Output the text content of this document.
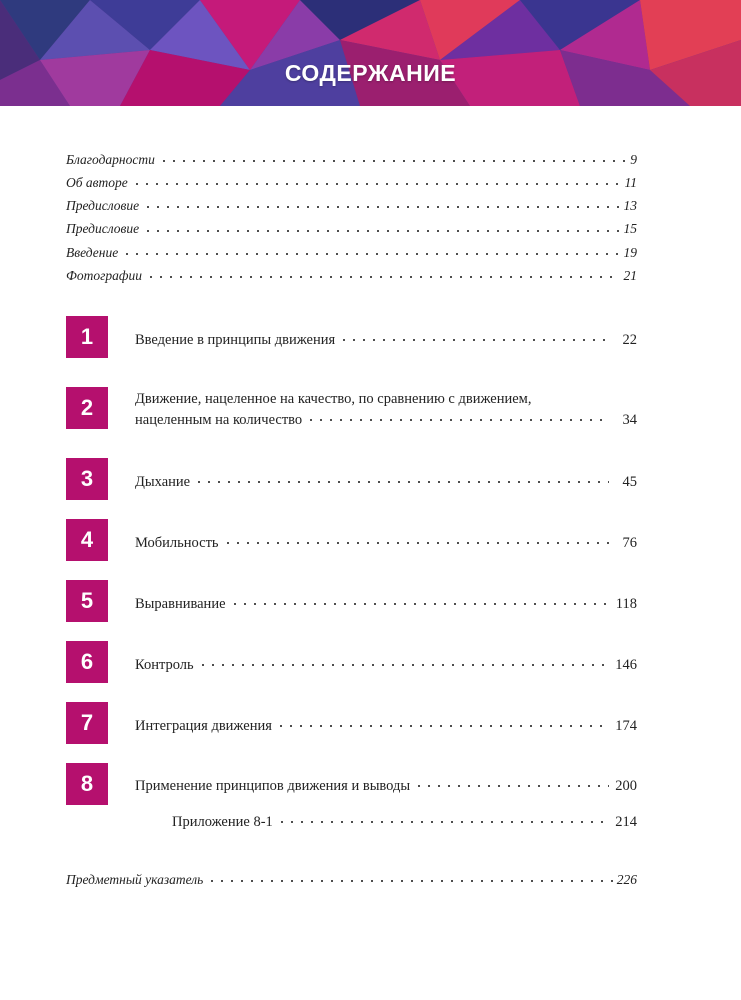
СОДЕРЖАНИЕ
Благодарности	9
Об авторе	11
Предисловие	13
Предисловие	15
Введение	19
Фотографии	21
1	Введение в принципы движения	22
2	Движение, нацеленное на качество, по сравнению с движением,
нацеленным на количество	34
3	Дыхание	45
4	Мобильность	76
5	Выравнивание	118
6	Контроль	146
7	Интеграция движения	174
8	Применение принципов движения и выводы	200
Приложение 8-1	214
Предметный указатель	226
